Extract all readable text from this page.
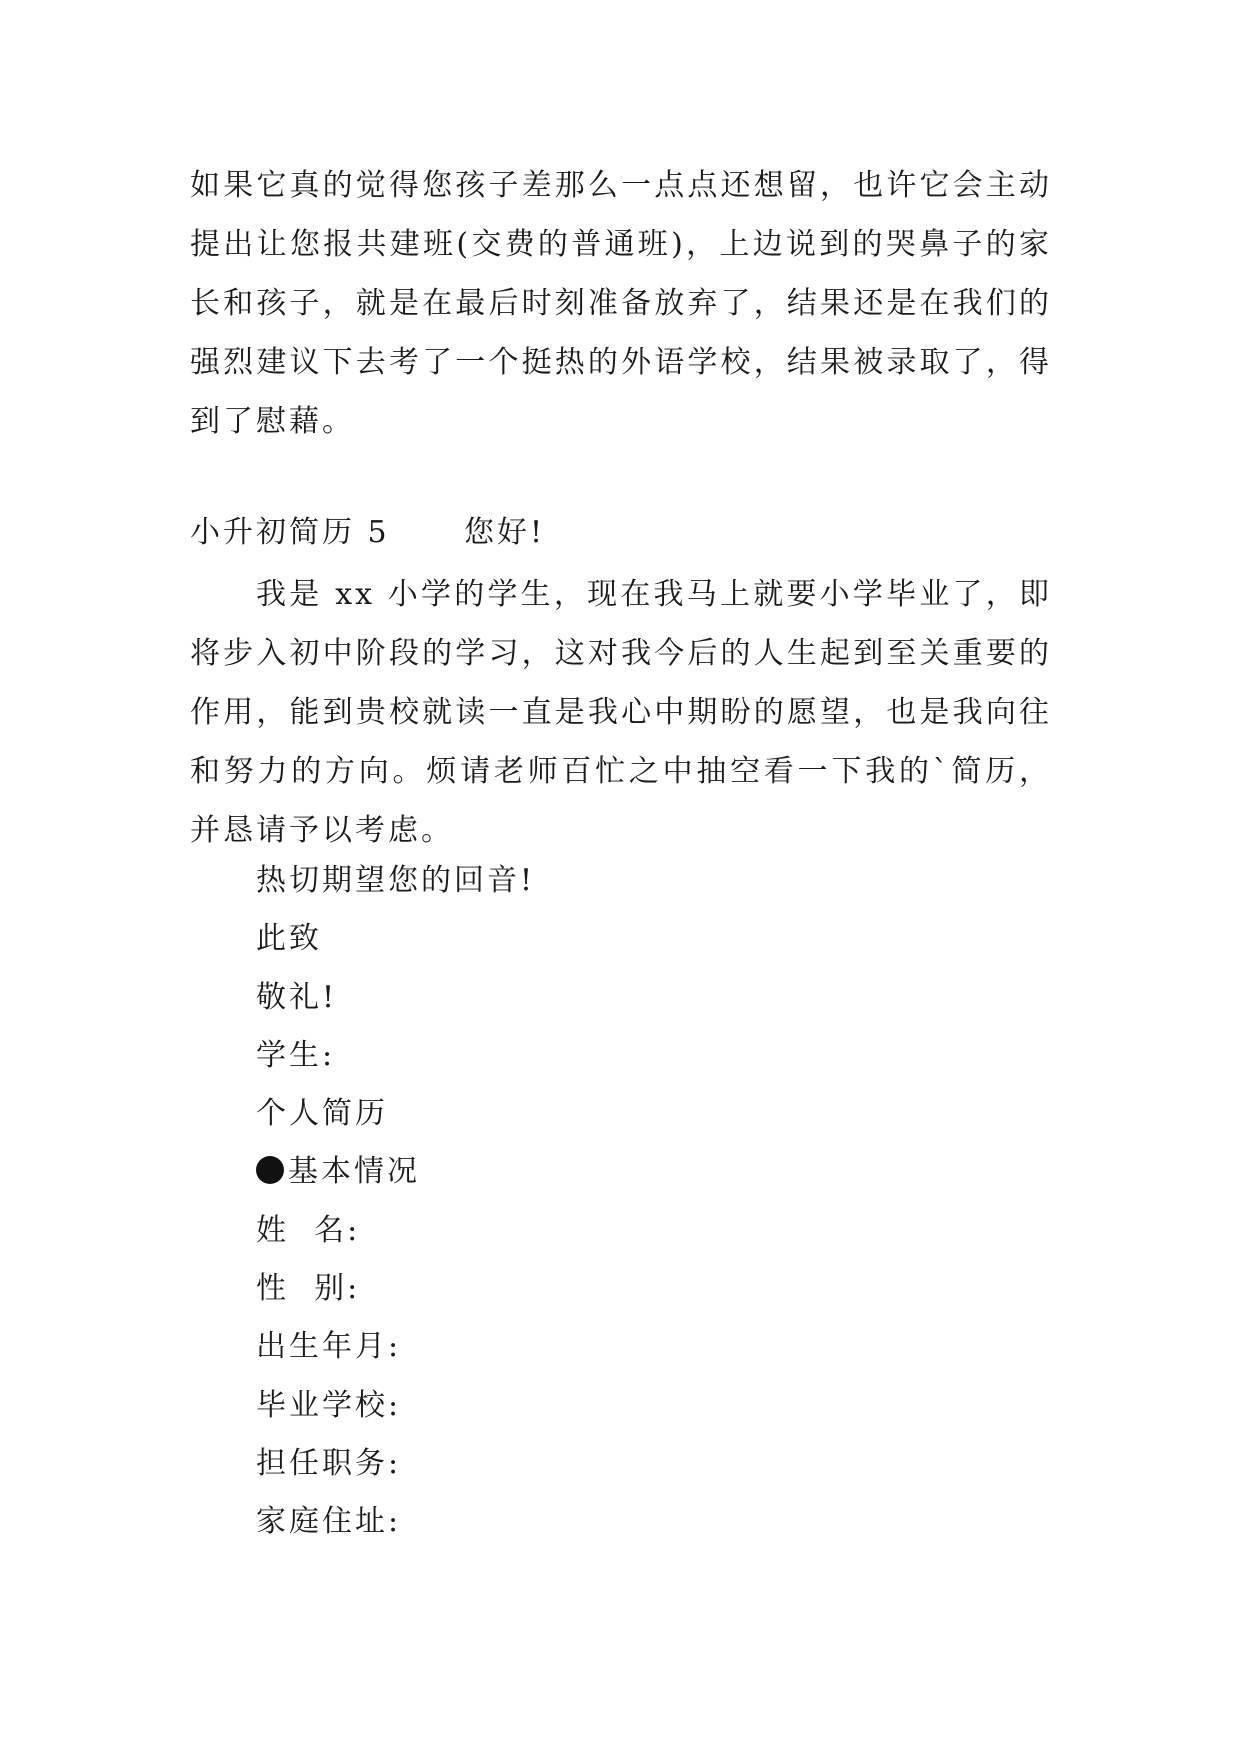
如果它真的觉得您孩子差那么一点点还想留，也许它会主动提出让您报共建班(交费的普通班)，上边说到的哭鼻子的家长和孩子，就是在最后时刻准备放弃了，结果还是在我们的强烈建议下去考了一个挺热的外语学校，结果被录取了，得到了慰藉。

小升初简历 5 您好!

我是 xx 小学的学生，现在我马上就要小学毕业了，即将步入初中阶段的学习，这对我今后的人生起到至关重要的作用，能到贵校就读一直是我心中期盼的愿望，也是我向往和努力的方向。烦请老师百忙之中抽空看一下我的`简历，并恳请予以考虑。

热切期望您的回音!
此致
敬礼!
学生:
个人简历
基本情况
姓  名:
性  别:
出生年月:
毕业学校:
担任职务:
家庭住址:
